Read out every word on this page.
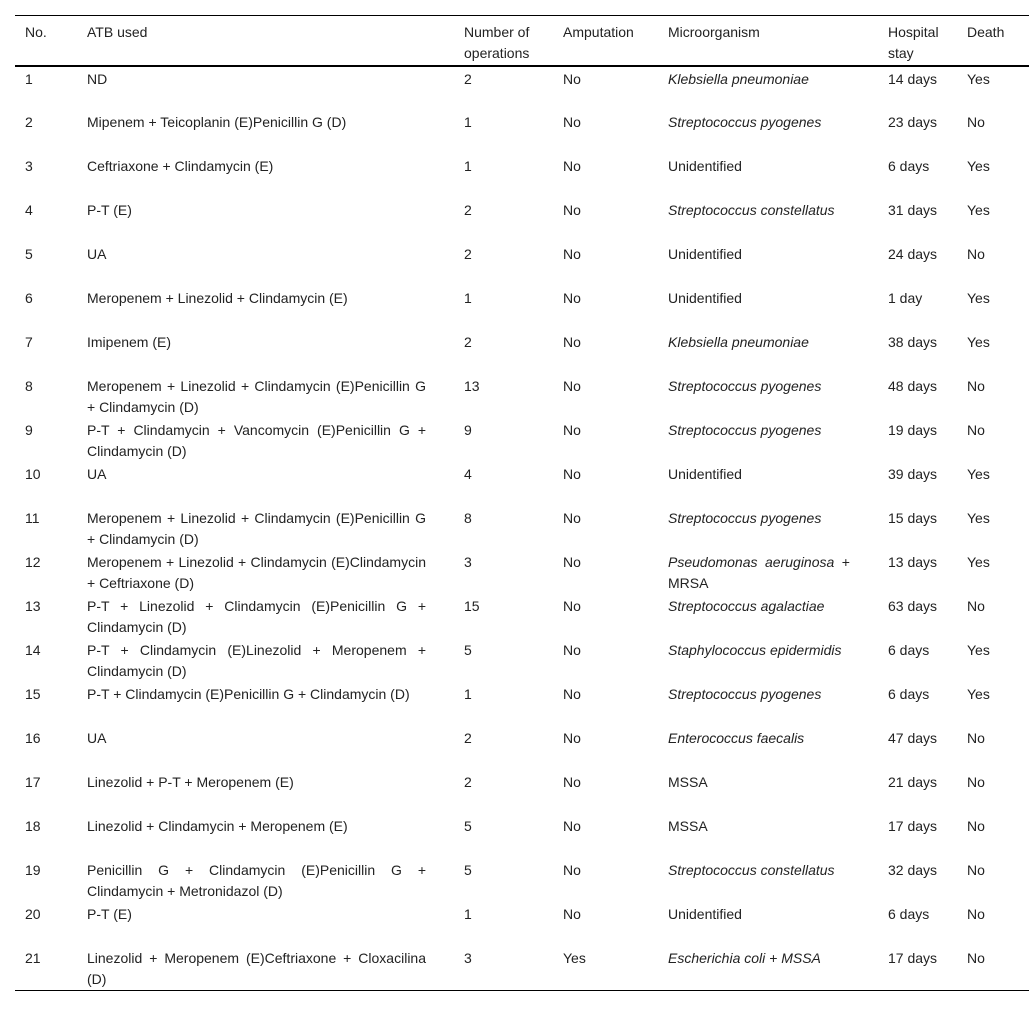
No.	ATB used	Number of operations	Amputation	Microorganism	Hospital stay	Death
1	ND	2	No	Klebsiella pneumoniae	14 days	Yes
2	Mipenem + Teicoplanin (E)Penicillin G (D)	1	No	Streptococcus pyogenes	23 days	No
3	Ceftriaxone + Clindamycin (E)	1	No	Unidentified	6 days	Yes
4	P-T (E)	2	No	Streptococcus constellatus	31 days	Yes
5	UA	2	No	Unidentified	24 days	No
6	Meropenem + Linezolid + Clindamycin (E)	1	No	Unidentified	1 day	Yes
7	Imipenem (E)	2	No	Klebsiella pneumoniae	38 days	Yes
8	Meropenem + Linezolid + Clindamycin (E)Penicillin G + Clindamycin (D)	13	No	Streptococcus pyogenes	48 days	No
9	P-T + Clindamycin + Vancomycin (E)Penicillin G + Clindamycin (D)	9	No	Streptococcus pyogenes	19 days	No
10	UA	4	No	Unidentified	39 days	Yes
11	Meropenem + Linezolid + Clindamycin (E)Penicillin G + Clindamycin (D)	8	No	Streptococcus pyogenes	15 days	Yes
12	Meropenem + Linezolid + Clindamycin (E)Clindamycin + Ceftriaxone (D)	3	No	Pseudomonas aeruginosa + MRSA	13 days	Yes
13	P-T + Linezolid + Clindamycin (E)Penicillin G + Clindamycin (D)	15	No	Streptococcus agalactiae	63 days	No
14	P-T + Clindamycin (E)Linezolid + Meropenem + Clindamycin (D)	5	No	Staphylococcus epidermidis	6 days	Yes
15	P-T + Clindamycin (E)Penicillin G + Clindamycin (D)	1	No	Streptococcus pyogenes	6 days	Yes
16	UA	2	No	Enterococcus faecalis	47 days	No
17	Linezolid + P-T + Meropenem (E)	2	No	MSSA	21 days	No
18	Linezolid + Clindamycin + Meropenem (E)	5	No	MSSA	17 days	No
19	Penicillin G + Clindamycin (E)Penicillin G + Clindamycin + Metronidazol (D)	5	No	Streptococcus constellatus	32 days	No
20	P-T (E)	1	No	Unidentified	6 days	No
21	Linezolid + Meropenem (E)Ceftriaxone + Cloxacilina (D)	3	Yes	Escherichia coli + MSSA	17 days	No
